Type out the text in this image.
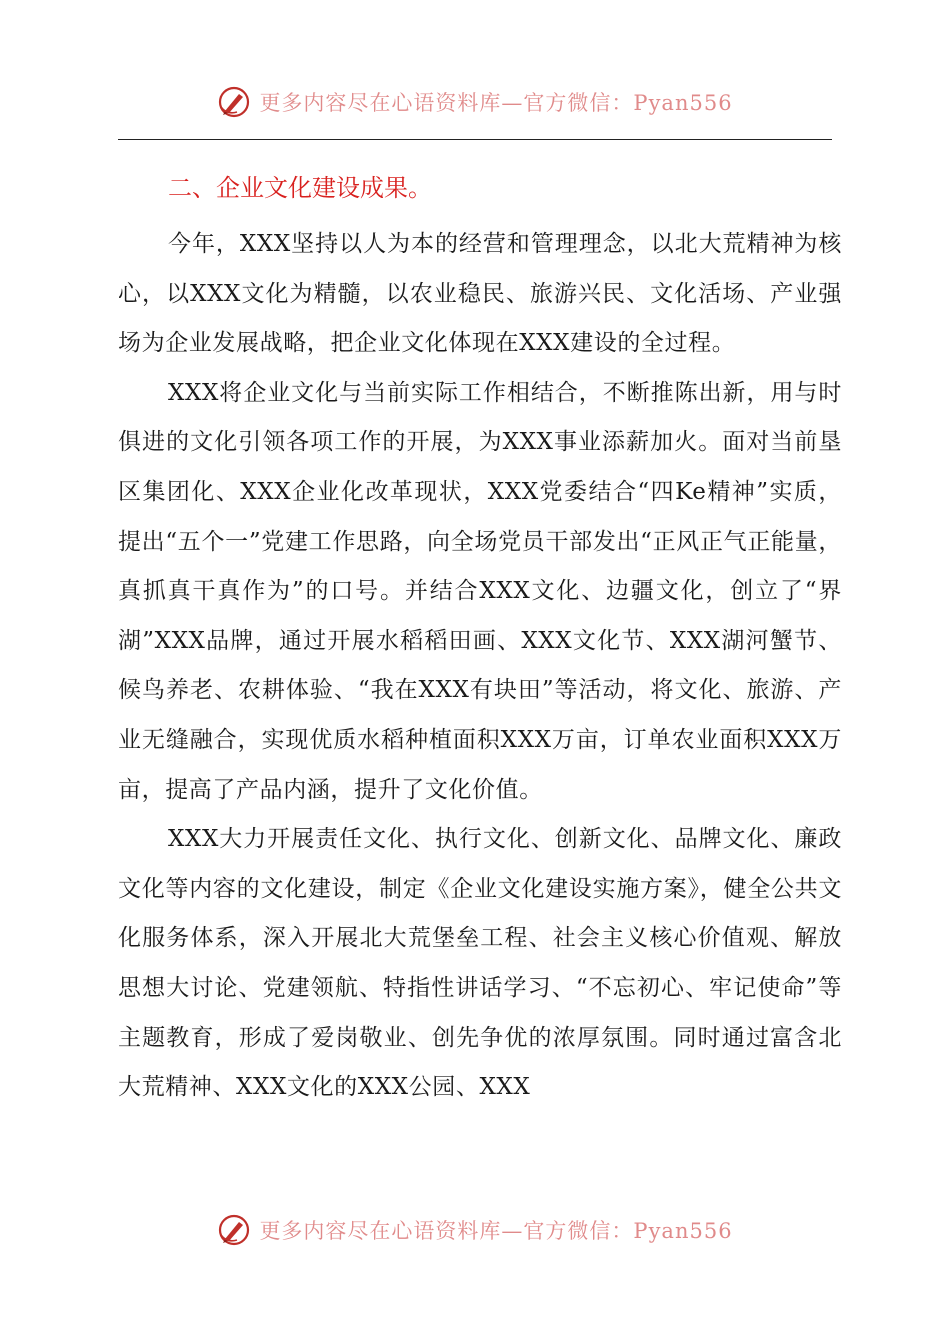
更多内容尽在心语资料库—官方微信：Pyan556
二、企业文化建设成果。

今年，XXX坚持以人为本的经营和管理理念，以北大荒精神为核心，以XXX文化为精髓，以农业稳民、旅游兴民、文化活场、产业强场为企业发展战略，把企业文化体现在XXX建设的全过程。

XXX将企业文化与当前实际工作相结合，不断推陈出新，用与时俱进的文化引领各项工作的开展，为XXX事业添薪加火。面对当前垦区集团化、XXX企业化改革现状，XXX党委结合“四Ke精神”实质，提出“五个一”党建工作思路，向全场党员干部发出“正风正气正能量，真抓真干真作为”的口号。并结合XXX文化、边疆文化，创立了“界湖”XXX品牌，通过开展水稻稻田画、XXX文化节、XXX湖河蟹节、候鸟养老、农耕体验、“我在XXX有块田”等活动，将文化、旅游、产业无缝融合，实现优质水稻种植面积XXX万亩，订单农业面积XXX万亩，提高了产品内涵，提升了文化价值。

XXX大力开展责任文化、执行文化、创新文化、品牌文化、廉政文化等内容的文化建设，制定《企业文化建设实施方案》，健全公共文化服务体系，深入开展北大荒堡垒工程、社会主义核心价值观、解放思想大讨论、党建领航、特指性讲话学习、“不忘初心、牢记使命”等主题教育，形成了爱岗敬业、创先争优的浓厚氛围。同时通过富含北大荒精神、XXX文化的XXX公园、XXX

更多内容尽在心语资料库—官方微信：Pyan556
